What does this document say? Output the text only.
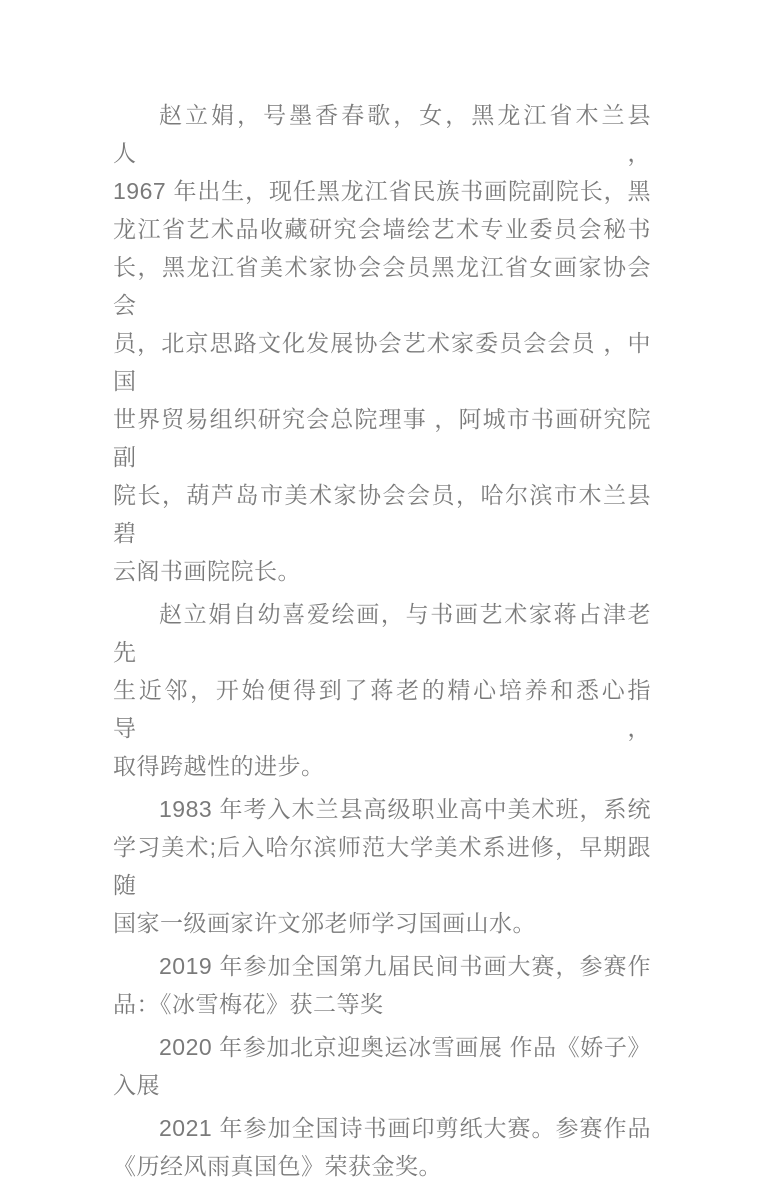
赵立娟，号墨香春歌，女，黑龙江省木兰县人，
1967 年出生，现任黑龙江省民族书画院副院长，黑
龙江省艺术品收藏研究会墙绘艺术专业委员会秘书
长，黑龙江省美术家协会会员黑龙江省女画家协会会
员，北京思路文化发展协会艺术家委员会会员 ，中国
世界贸易组织研究会总院理事 ，阿城市书画研究院副
院长，葫芦岛市美术家协会会员，哈尔滨市木兰县碧
云阁书画院院长。
赵立娟自幼喜爱绘画，与书画艺术家蒋占津老先
生近邻，开始便得到了蒋老的精心培养和悉心指导，
取得跨越性的进步。
1983 年考入木兰县高级职业高中美术班，系统
学习美术;后入哈尔滨师范大学美术系进修，早期跟随
国家一级画家许文邠老师学习国画山水。
2019 年参加全国第九届民间书画大赛，参赛作
品：《冰雪梅花》获二等奖
2020 年参加北京迎奥运冰雪画展 作品《娇子》
入展
2021 年参加全国诗书画印剪纸大赛。参赛作品
《历经风雨真国色》荣获金奖。
